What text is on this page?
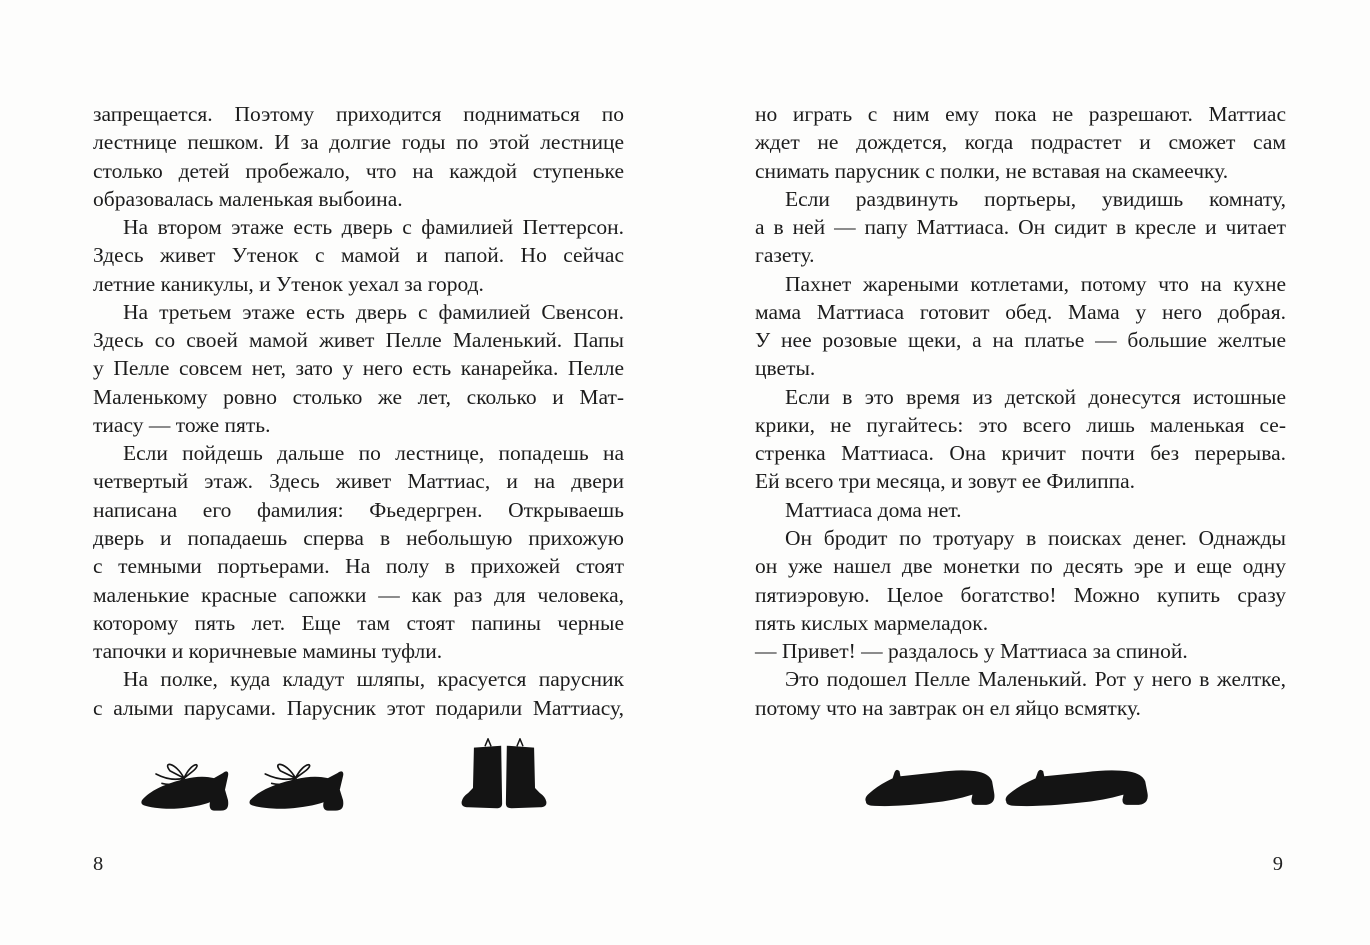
запрещается. Поэтому приходится подниматься по
лестнице пешком. И за долгие годы по этой лестнице
столько детей пробежало, что на каждой ступеньке
образовалась маленькая выбоина.
На втором этаже есть дверь с фамилией Петтерсон.
Здесь живет Утенок с мамой и папой. Но сейчас
летние каникулы, и Утенок уехал за город.
На третьем этаже есть дверь с фамилией Свенсон.
Здесь со своей мамой живет Пелле Маленький. Папы
у Пелле совсем нет, зато у него есть канарейка. Пелле
Маленькому ровно столько же лет, сколько и Мат-
тиасу — тоже пять.
Если пойдешь дальше по лестнице, попадешь на
четвертый этаж. Здесь живет Маттиас, и на двери
написана его фамилия: Фьедергрен. Открываешь
дверь и попадаешь сперва в небольшую прихожую
с темными портьерами. На полу в прихожей стоят
маленькие красные сапожки — как раз для человека,
которому пять лет. Еще там стоят папины черные
тапочки и коричневые мамины туфли.
На полке, куда кладут шляпы, красуется парусник
с алыми парусами. Парусник этот подарили Маттиасу,
но играть с ним ему пока не разрешают. Маттиас
ждет не дождется, когда подрастет и сможет сам
снимать парусник с полки, не вставая на скамеечку.
Если раздвинуть портьеры, увидишь комнату,
а в ней — папу Маттиаса. Он сидит в кресле и читает
газету.
Пахнет жареными котлетами, потому что на кухне
мама Маттиаса готовит обед. Мама у него добрая.
У нее розовые щеки, а на платье — большие желтые
цветы.
Если в это время из детской донесутся истошные
крики, не пугайтесь: это всего лишь маленькая се-
стренка Маттиаса. Она кричит почти без перерыва.
Ей всего три месяца, и зовут ее Филиппа.
Маттиаса дома нет.
Он бродит по тротуару в поисках денег. Однажды
он уже нашел две монетки по десять эре и еще одну
пятиэровую. Целое богатство! Можно купить сразу
пять кислых мармеладок.
— Привет! — раздалось у Маттиаса за спиной.
Это подошел Пелле Маленький. Рот у него в желтке,
потому что на завтрак он ел яйцо всмятку.
8	9
